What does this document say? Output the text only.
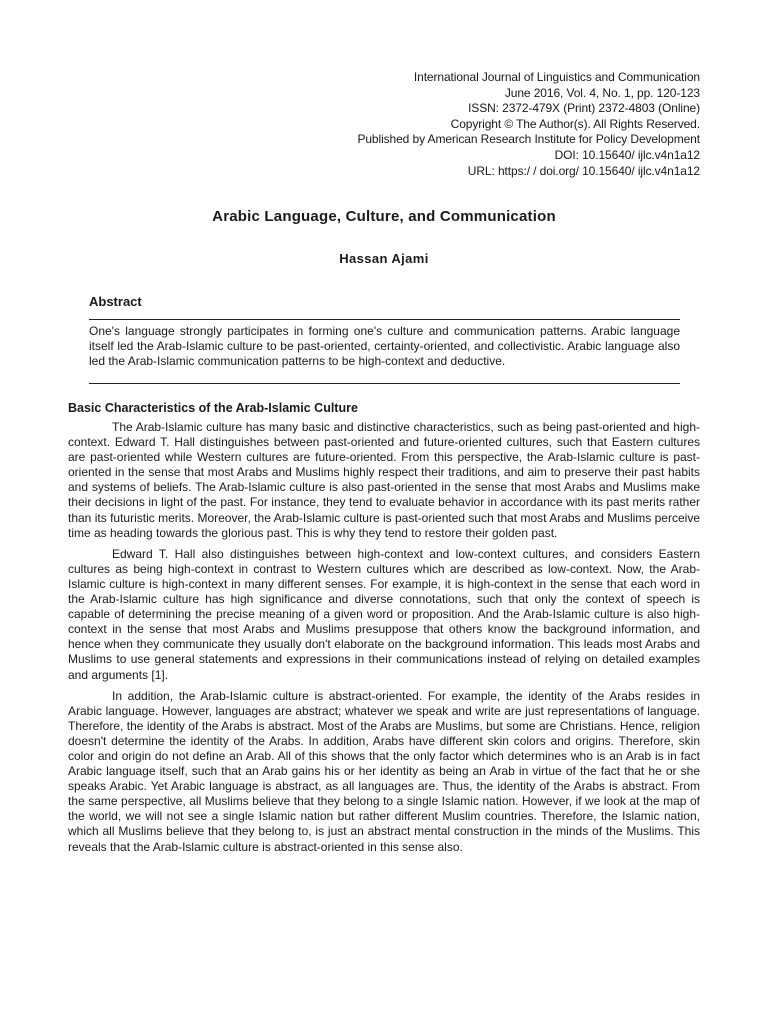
International Journal of Linguistics and Communication
June 2016, Vol. 4, No. 1, pp. 120-123
ISSN: 2372-479X (Print) 2372-4803 (Online)
Copyright © The Author(s). All Rights Reserved.
Published by American Research Institute for Policy Development
DOI: 10.15640/ ijlc.v4n1a12
URL: https:/ / doi.org/ 10.15640/ ijlc.v4n1a12
Arabic Language, Culture, and Communication
Hassan Ajami
Abstract
One's language strongly participates in forming one's culture and communication patterns. Arabic language itself led the Arab-Islamic culture to be past-oriented, certainty-oriented, and collectivistic. Arabic language also led the Arab-Islamic communication patterns to be high-context and deductive.
Basic Characteristics of the Arab-Islamic Culture

The Arab-Islamic culture has many basic and distinctive characteristics, such as being past-oriented and high-context. Edward T. Hall distinguishes between past-oriented and future-oriented cultures, such that Eastern cultures are past-oriented while Western cultures are future-oriented. From this perspective, the Arab-Islamic culture is past-oriented in the sense that most Arabs and Muslims highly respect their traditions, and aim to preserve their past habits and systems of beliefs. The Arab-Islamic culture is also past-oriented in the sense that most Arabs and Muslims make their decisions in light of the past. For instance, they tend to evaluate behavior in accordance with its past merits rather than its futuristic merits. Moreover, the Arab-Islamic culture is past-oriented such that most Arabs and Muslims perceive time as heading towards the glorious past. This is why they tend to restore their golden past.

Edward T. Hall also distinguishes between high-context and low-context cultures, and considers Eastern cultures as being high-context in contrast to Western cultures which are described as low-context. Now, the Arab-Islamic culture is high-context in many different senses. For example, it is high-context in the sense that each word in the Arab-Islamic culture has high significance and diverse connotations, such that only the context of speech is capable of determining the precise meaning of a given word or proposition. And the Arab-Islamic culture is also high-context in the sense that most Arabs and Muslims presuppose that others know the background information, and hence when they communicate they usually don't elaborate on the background information. This leads most Arabs and Muslims to use general statements and expressions in their communications instead of relying on detailed examples and arguments [1].

In addition, the Arab-Islamic culture is abstract-oriented. For example, the identity of the Arabs resides in Arabic language. However, languages are abstract; whatever we speak and write are just representations of language. Therefore, the identity of the Arabs is abstract. Most of the Arabs are Muslims, but some are Christians. Hence, religion doesn't determine the identity of the Arabs. In addition, Arabs have different skin colors and origins. Therefore, skin color and origin do not define an Arab. All of this shows that the only factor which determines who is an Arab is in fact Arabic language itself, such that an Arab gains his or her identity as being an Arab in virtue of the fact that he or she speaks Arabic. Yet Arabic language is abstract, as all languages are. Thus, the identity of the Arabs is abstract. From the same perspective, all Muslims believe that they belong to a single Islamic nation. However, if we look at the map of the world, we will not see a single Islamic nation but rather different Muslim countries. Therefore, the Islamic nation, which all Muslims believe that they belong to, is just an abstract mental construction in the minds of the Muslims. This reveals that the Arab-Islamic culture is abstract-oriented in this sense also.
